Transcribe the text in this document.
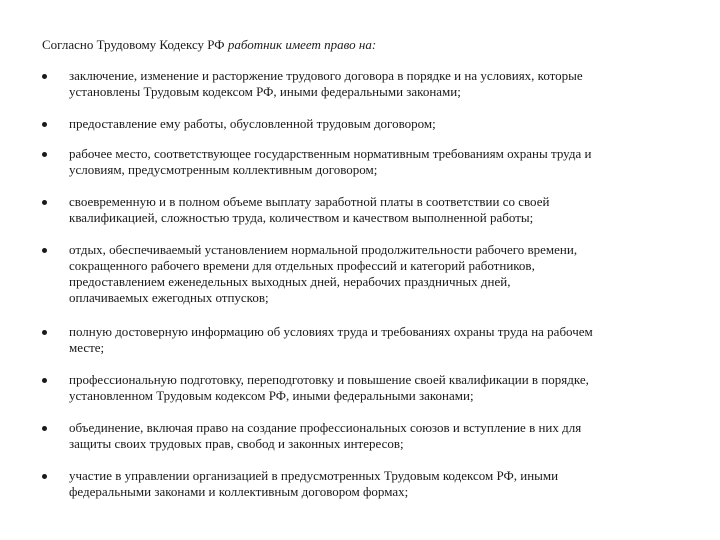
Согласно Трудовому Кодексу РФ работник имеет право на:
заключение, изменение и расторжение трудового договора в порядке и на условиях, которые
установлены Трудовым кодексом РФ, иными федеральными законами;
предоставление ему работы, обусловленной трудовым договором;
рабочее место, соответствующее государственным нормативным требованиям охраны труда и
условиям, предусмотренным коллективным договором;
своевременную и в полном объеме выплату заработной платы в соответствии со своей
квалификацией, сложностью труда, количеством и качеством выполненной работы;
отдых, обеспечиваемый установлением нормальной продолжительности рабочего времени,
сокращенного рабочего времени для отдельных профессий и категорий работников,
предоставлением еженедельных выходных дней, нерабочих праздничных дней,
оплачиваемых ежегодных отпусков;
полную достоверную информацию об условиях труда и требованиях охраны труда на рабочем
месте;
профессиональную подготовку, переподготовку и повышение своей квалификации в порядке,
установленном Трудовым кодексом РФ, иными федеральными законами;
объединение, включая право на создание профессиональных союзов и вступление в них для
защиты своих трудовых прав, свобод и законных интересов;
участие в управлении организацией в предусмотренных Трудовым кодексом РФ, иными
федеральными законами и коллективным договором формах;
